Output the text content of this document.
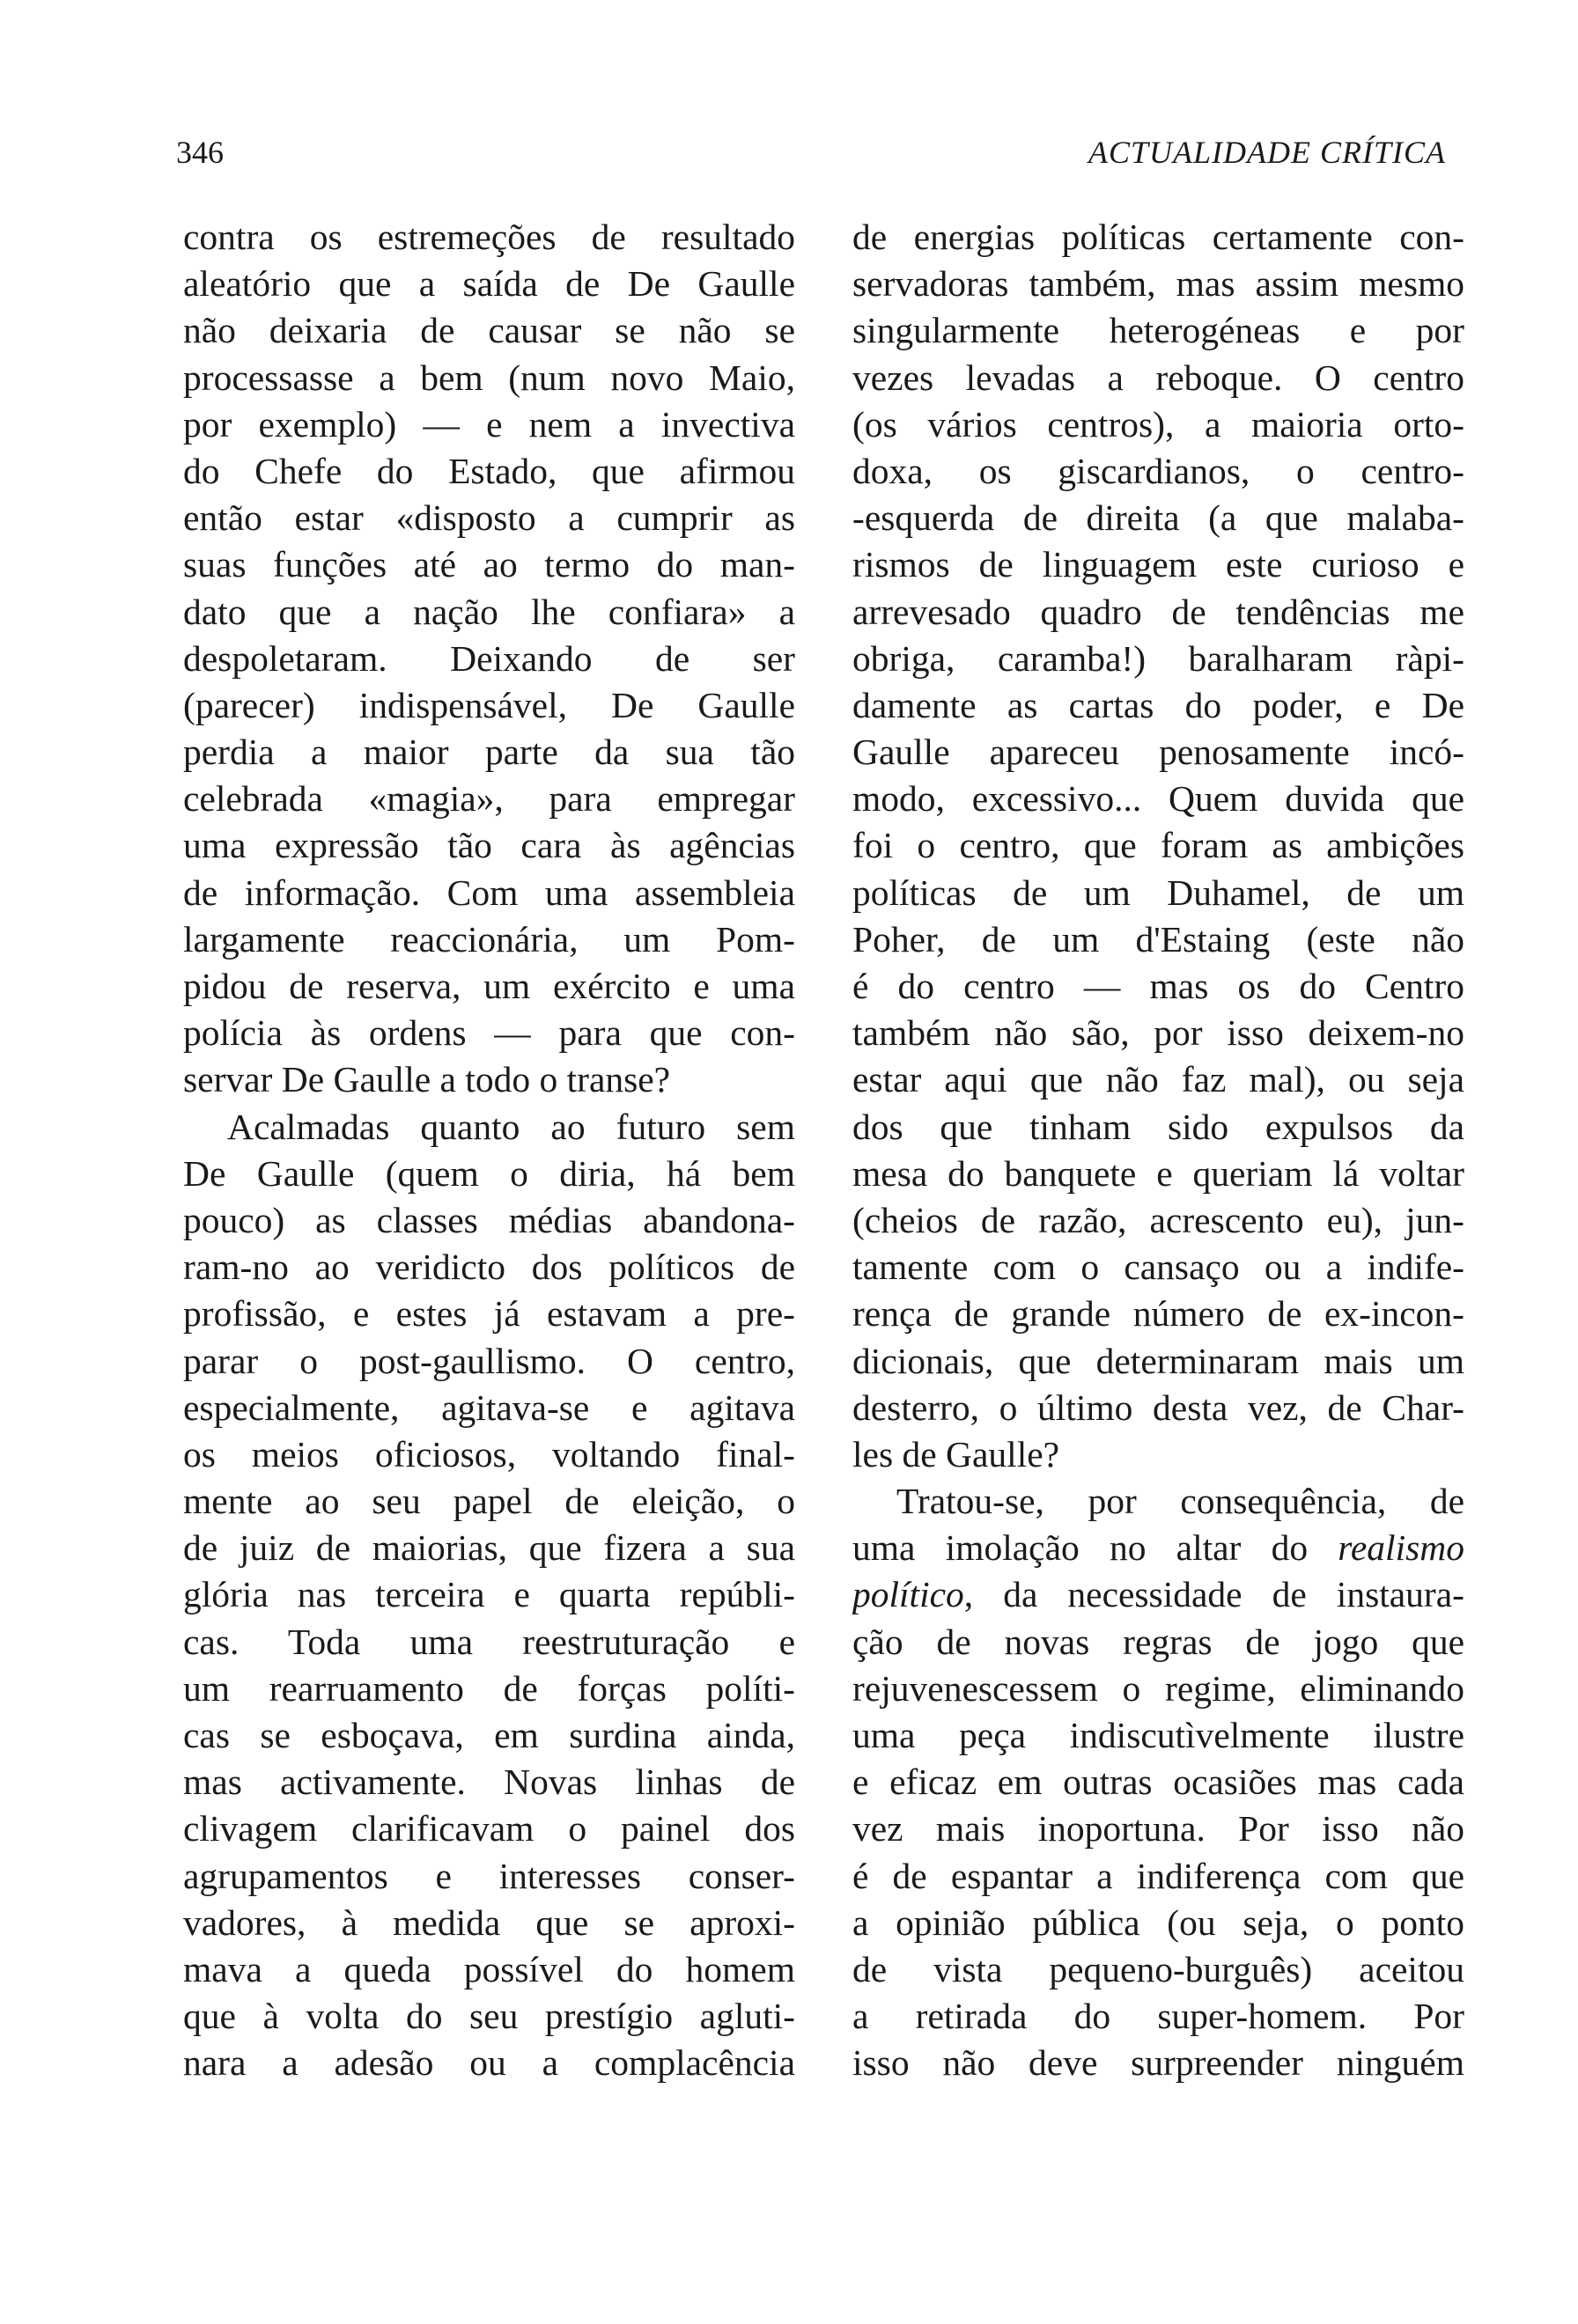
346	ACTUALIDADE CRÍTICA
contra os estremeções de resultado
aleatório que a saída de De Gaulle
não deixaria de causar se não se
processasse a bem (num novo Maio,
por exemplo) — e nem a invectiva
do Chefe do Estado, que afirmou
então estar «disposto a cumprir as
suas funções até ao termo do man-
dato que a nação lhe confiara» a
despoletaram. Deixando de ser
(parecer) indispensável, De Gaulle
perdia a maior parte da sua tão
celebrada «magia», para empregar
uma expressão tão cara às agências
de informação. Com uma assembleia
largamente reaccionária, um Pom-
pidou de reserva, um exército e uma
polícia às ordens — para que con-
servar De Gaulle a todo o transe?
Acalmadas quanto ao futuro sem
De Gaulle (quem o diria, há bem
pouco) as classes médias abandona-
ram-no ao veridicto dos políticos de
profissão, e estes já estavam a pre-
parar o post-gaullismo. O centro,
especialmente, agitava-se e agitava
os meios oficiosos, voltando final-
mente ao seu papel de eleição, o
de juiz de maiorias, que fizera a sua
glória nas terceira e quarta repúbli-
cas. Toda uma reestruturação e
um rearruamento de forças políti-
cas se esboçava, em surdina ainda,
mas activamente. Novas linhas de
clivagem clarificavam o painel dos
agrupamentos e interesses conser-
vadores, à medida que se aproxi-
mava a queda possível do homem
que à volta do seu prestígio agluti-
nara a adesão ou a complacência
de energias políticas certamente con-
servadoras também, mas assim mesmo
singularmente heterogéneas e por
vezes levadas a reboque. O centro
(os vários centros), a maioria orto-
doxa, os giscardianos, o centro-
-esquerda de direita (a que malaba-
rismos de linguagem este curioso e
arrevesado quadro de tendências me
obriga, caramba!) baralharam ràpi-
damente as cartas do poder, e De
Gaulle apareceu penosamente incó-
modo, excessivo... Quem duvida que
foi o centro, que foram as ambições
políticas de um Duhamel, de um
Poher, de um d'Estaing (este não
é do centro — mas os do Centro
também não são, por isso deixem-no
estar aqui que não faz mal), ou seja
dos que tinham sido expulsos da
mesa do banquete e queriam lá voltar
(cheios de razão, acrescento eu), jun-
tamente com o cansaço ou a indife-
rença de grande número de ex-incon-
dicionais, que determinaram mais um
desterro, o último desta vez, de Char-
les de Gaulle?
Tratou-se, por consequência, de
uma imolação no altar do realismo
político, da necessidade de instaura-
ção de novas regras de jogo que
rejuvenescessem o regime, eliminando
uma peça indiscutìvelmente ilustre
e eficaz em outras ocasiões mas cada
vez mais inoportuna. Por isso não
é de espantar a indiferença com que
a opinião pública (ou seja, o ponto
de vista pequeno-burguês) aceitou
a retirada do super-homem. Por
isso não deve surpreender ninguém
